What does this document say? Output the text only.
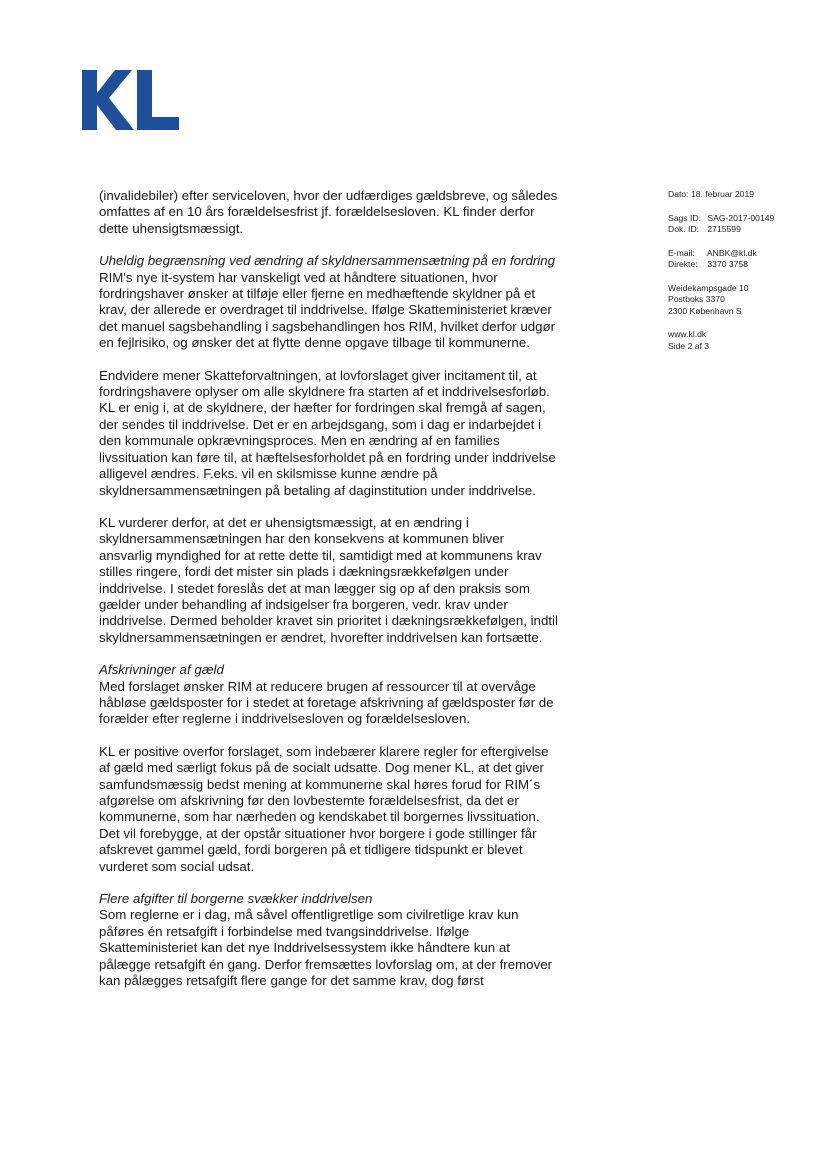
Dato: 18. februar 2019
Sags ID: SAG-2017-00149
Dok. ID: 2715599
E-mail: ANBK@kl.dk
Direkte: 3370 3758
Weidekampsgade 10
Postboks 3370
2300 København S
www.kl.dk
Side 2 af 3

(invalidebiler) efter serviceloven, hvor der udfærdiges gældsbreve, og således omfattes af en 10 års forældelsesfrist jf. forældelsesloven. KL finder derfor dette uhensigtsmæssigt.

Uheldig begrænsning ved ændring af skyldnersammensætning på en fordring

RIM's nye it-system har vanskeligt ved at håndtere situationen, hvor fordringshaver ønsker at tilføje eller fjerne en medhæftende skyldner på et krav, der allerede er overdraget til inddrivelse. Ifølge Skatteministeriet kræver det manuel sagsbehandling i sagsbehandlingen hos RIM, hvilket derfor udgør en fejlrisiko, og ønsker det at flytte denne opgave tilbage til kommunerne.

Endvidere mener Skatteforvaltningen, at lovforslaget giver incitament til, at fordringshavere oplyser om alle skyldnere fra starten af et inddrivelsesforløb. KL er enig i, at de skyldnere, der hæfter for fordringen skal fremgå af sagen, der sendes til inddrivelse. Det er en arbejdsgang, som i dag er indarbejdet i den kommunale opkrævningsproces. Men en ændring af en families livssituation kan føre til, at hæftelsesforholdet på en fordring under inddrivelse alligevel ændres. F.eks. vil en skilsmisse kunne ændre på skyldnersammensætningen på betaling af daginstitution under inddrivelse.

KL vurderer derfor, at det er uhensigtsmæssigt, at en ændring i skyldnersammensætningen har den konsekvens at kommunen bliver ansvarlig myndighed for at rette dette til, samtidigt med at kommunens krav stilles ringere, fordi det mister sin plads i dækningsrækkefølgen under inddrivelse. I stedet foreslås det at man lægger sig op af den praksis som gælder under behandling af indsigelser fra borgeren, vedr. krav under inddrivelse. Dermed beholder kravet sin prioritet i dækningsrækkefølgen, indtil skyldnersammensætningen er ændret, hvorefter inddrivelsen kan fortsætte.

Afskrivninger af gæld

Med forslaget ønsker RIM at reducere brugen af ressourcer til at overvåge håbløse gældsposter for i stedet at foretage afskrivning af gældsposter før de forælder efter reglerne i inddrivelsesloven og forældelsesloven.

KL er positive overfor forslaget, som indebærer klarere regler for eftergivelse af gæld med særligt fokus på de socialt udsatte. Dog mener KL, at det giver samfundsmæssig bedst mening at kommunerne skal høres forud for RIM´s afgørelse om afskrivning før den lovbestemte forældelsesfrist, da det er kommunerne, som har nærheden og kendskabet til borgernes livssituation. Det vil forebygge, at der opstår situationer hvor borgere i gode stillinger får afskrevet gammel gæld, fordi borgeren på et tidligere tidspunkt er blevet vurderet som social udsat.

Flere afgifter til borgerne svækker inddrivelsen

Som reglerne er i dag, må såvel offentligretlige som civilretlige krav kun påføres én retsafgift i forbindelse med tvangsinddrivelse. Ifølge Skatteministeriet kan det nye Inddrivelsessystem ikke håndtere kun at pålægge retsafgift én gang. Derfor fremsættes lovforslag om, at der fremover kan pålægges retsafgift flere gange for det samme krav, dog først
